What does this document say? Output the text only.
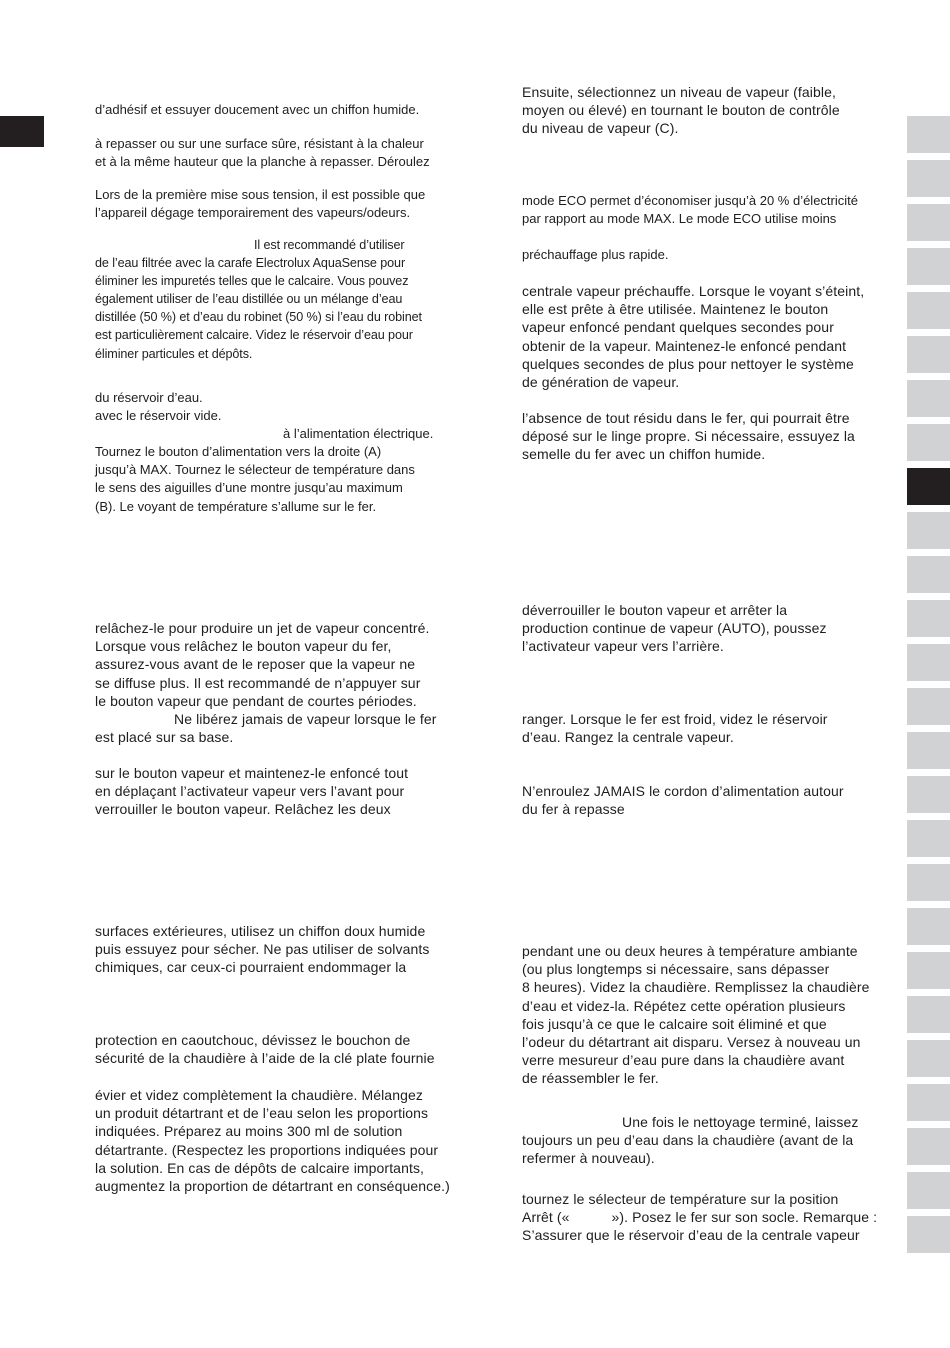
d’adhésif et essuyer doucement avec un chiffon humide.
à repasser ou sur une surface sûre, résistant à la chaleur
et à la même hauteur que la planche à repasser. Déroulez
Lors de la première mise sous tension, il est possible que
l’appareil dégage temporairement des vapeurs/odeurs.
Il est recommandé d’utiliser
de l’eau filtrée avec la carafe Electrolux AquaSense pour
éliminer les impuretés telles que le calcaire. Vous pouvez
également utiliser de l’eau distillée ou un mélange d’eau
distillée (50 %) et d’eau du robinet (50 %) si l’eau du robinet
est particulièrement calcaire. Videz le réservoir d’eau pour
éliminer particules et dépôts.
du réservoir d’eau.
avec le réservoir vide.
à l’alimentation électrique.
Tournez le bouton d’alimentation vers la droite (A)
jusqu’à MAX. Tournez le sélecteur de température dans
le sens des aiguilles d’une montre jusqu’au maximum
(B). Le voyant de température s’allume sur le fer.
relâchez-le pour produire un jet de vapeur concentré.
Lorsque vous relâchez le bouton vapeur du fer,
assurez-vous avant de le reposer que la vapeur ne
se diffuse plus. Il est recommandé de n’appuyer sur
le bouton vapeur que pendant de courtes périodes.
Ne libérez jamais de vapeur lorsque le fer
est placé sur sa base.
sur le bouton vapeur et maintenez-le enfoncé tout
en déplaçant l’activateur vapeur vers l’avant pour
verrouiller le bouton vapeur. Relâchez les deux
surfaces extérieures, utilisez un chiffon doux humide
puis essuyez pour sécher. Ne pas utiliser de solvants
chimiques, car ceux-ci pourraient endommager la
protection en caoutchouc, dévissez le bouchon de
sécurité de la chaudière à l’aide de la clé plate fournie
évier et videz complètement la chaudière. Mélangez
un produit détartrant et de l’eau selon les proportions
indiquées. Préparez au moins 300 ml de solution
détartrante. (Respectez les proportions indiquées pour
la solution. En cas de dépôts de calcaire importants,
augmentez la proportion de détartrant en conséquence.)
Ensuite, sélectionnez un niveau de vapeur (faible,
moyen ou élevé) en tournant le bouton de contrôle
du niveau de vapeur (C).
mode ECO permet d’économiser jusqu’à 20 % d’électricité
par rapport au mode MAX. Le mode ECO utilise moins
préchauffage plus rapide.
centrale vapeur préchauffe. Lorsque le voyant s’éteint,
elle est prête à être utilisée. Maintenez le bouton
vapeur enfoncé pendant quelques secondes pour
obtenir de la vapeur. Maintenez-le enfoncé pendant
quelques secondes de plus pour nettoyer le système
de génération de vapeur.
l’absence de tout résidu dans le fer, qui pourrait être
déposé sur le linge propre. Si nécessaire, essuyez la
semelle du fer avec un chiffon humide.
déverrouiller le bouton vapeur et arrêter la
production continue de vapeur (AUTO), poussez
l’activateur vapeur vers l’arrière.
ranger. Lorsque le fer est froid, videz le réservoir
d’eau. Rangez la centrale vapeur.
N’enroulez JAMAIS le cordon d’alimentation autour
du fer à repasse
pendant une ou deux heures à température ambiante
(ou plus longtemps si nécessaire, sans dépasser
8 heures). Videz la chaudière. Remplissez la chaudière
d’eau et videz-la. Répétez cette opération plusieurs
fois jusqu’à ce que le calcaire soit éliminé et que
l’odeur du détartrant ait disparu. Versez à nouveau un
verre mesureur d’eau pure dans la chaudière avant
de réassembler le fer.
Une fois le nettoyage terminé, laissez
toujours un peu d’eau dans la chaudière (avant de la
refermer à nouveau).
tournez le sélecteur de température sur la position
Arrêt («	»). Posez le fer sur son socle. Remarque :
S’assurer que le réservoir d’eau de la centrale vapeur
